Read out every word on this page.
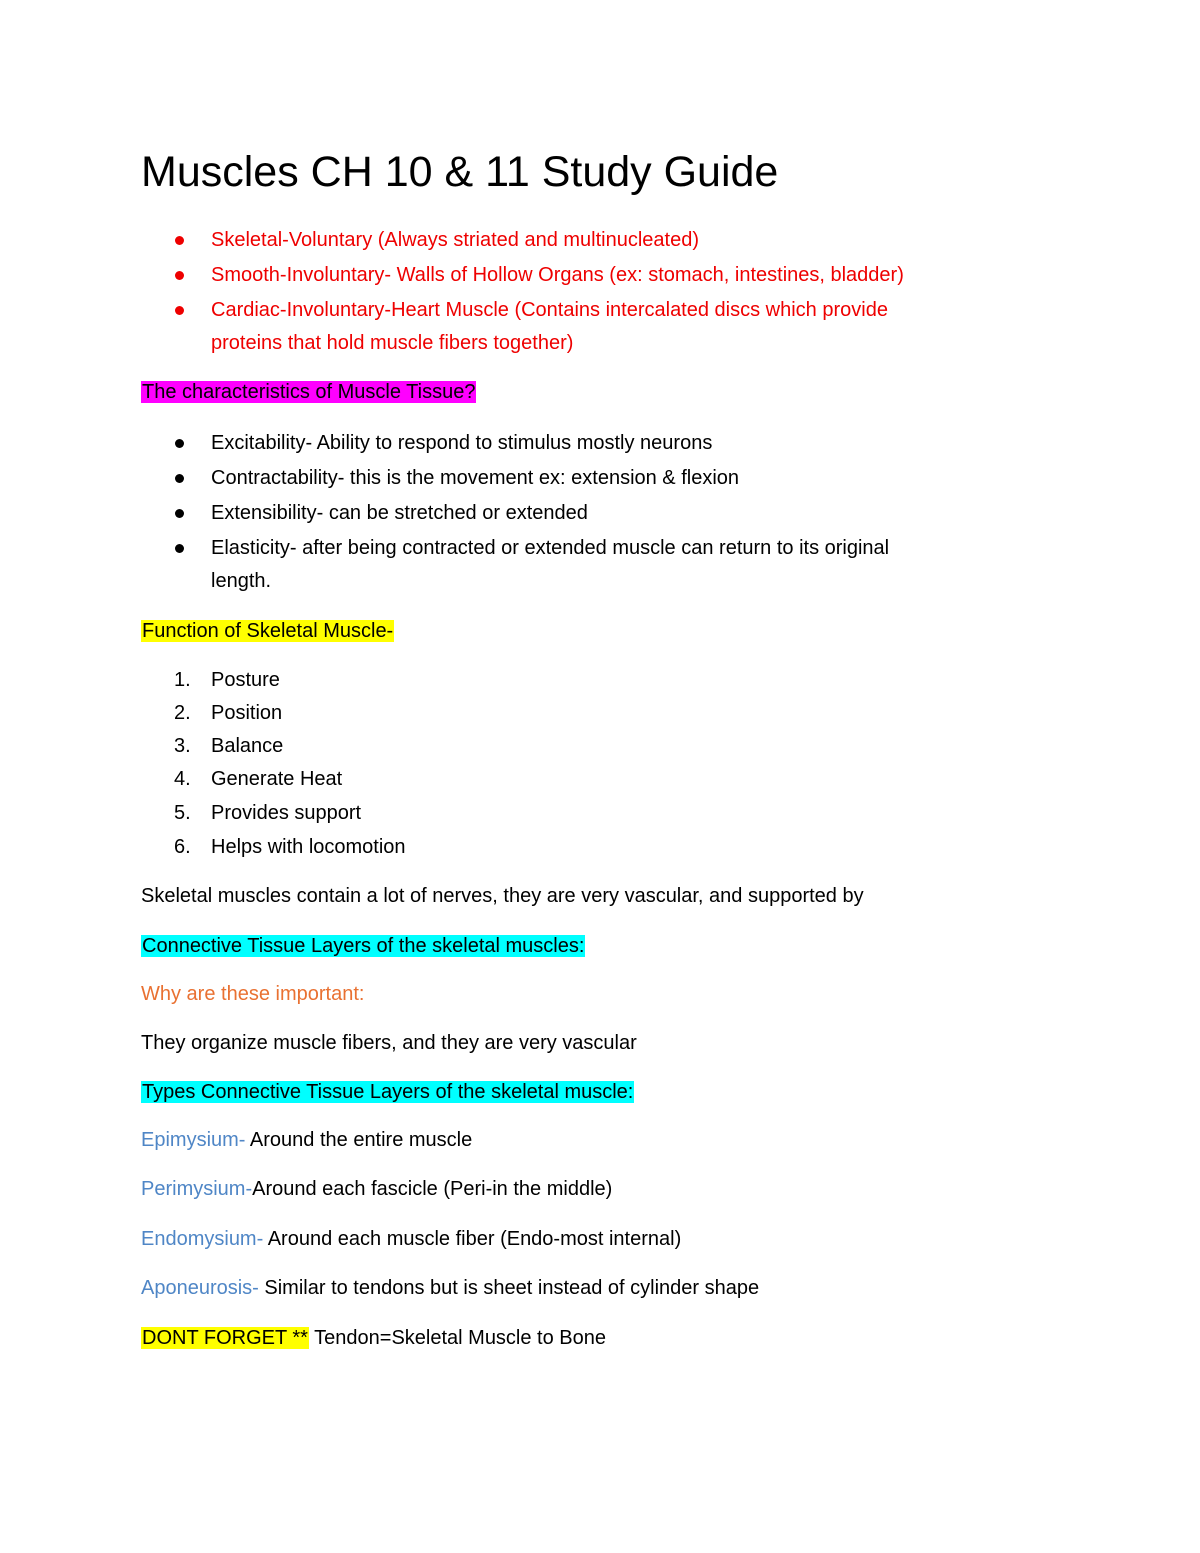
Muscles CH 10 & 11 Study Guide
Skeletal-Voluntary (Always striated and multinucleated)
Smooth-Involuntary- Walls of Hollow Organs (ex: stomach, intestines, bladder)
Cardiac-Involuntary-Heart Muscle (Contains intercalated discs which provide
proteins that hold muscle fibers together)
The characteristics of Muscle Tissue?
Excitability- Ability to respond to stimulus mostly neurons
Contractability- this is the movement ex: extension & flexion
Extensibility- can be stretched or extended
Elasticity- after being contracted or extended muscle can return to its original
length.
Function of Skeletal Muscle-
1. Posture
2. Position
3. Balance
4. Generate Heat
5. Provides support
6. Helps with locomotion
Skeletal muscles contain a lot of nerves, they are very vascular, and supported by
Connective Tissue Layers of the skeletal muscles:
Why are these important:
They organize muscle fibers, and they are very vascular
Types Connective Tissue Layers of the skeletal muscle:
Epimysium- Around the entire muscle
Perimysium-Around each fascicle (Peri-in the middle)
Endomysium- Around each muscle fiber (Endo-most internal)
Aponeurosis- Similar to tendons but is sheet instead of cylinder shape
DONT FORGET ** Tendon=Skeletal Muscle to Bone
